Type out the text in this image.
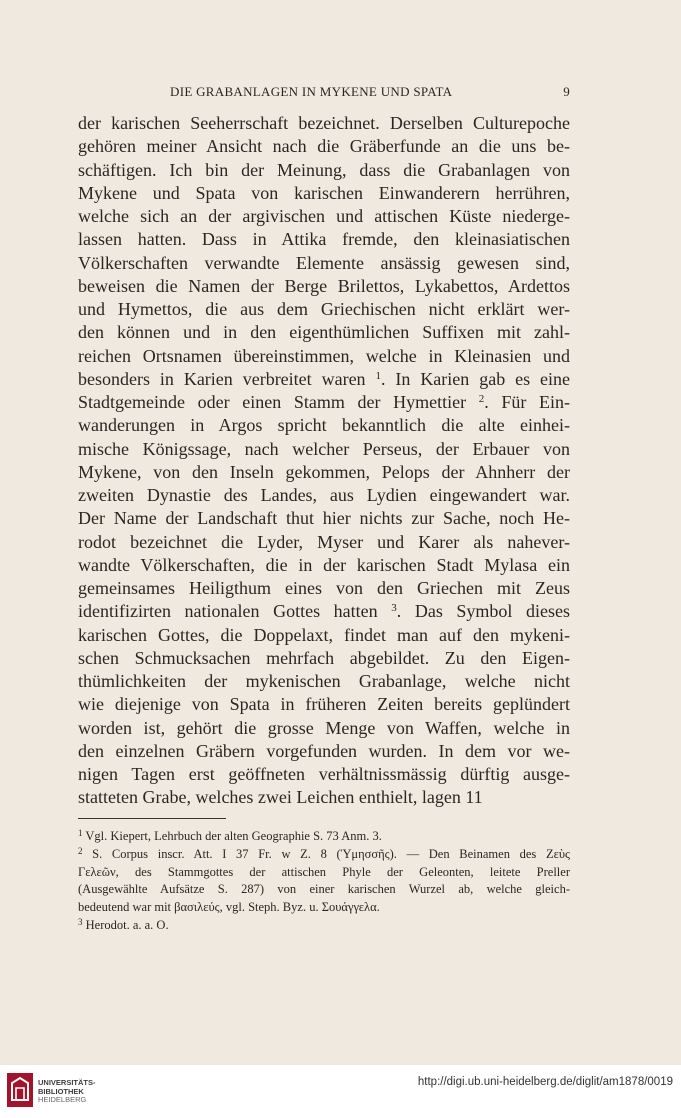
DIE GRABANLAGEN IN MYKENE UND SPATA	9
der karischen Seeherrschaft bezeichnet. Derselben Culturepoche
gehören meiner Ansicht nach die Gräberfunde an die uns be-
schäftigen. Ich bin der Meinung, dass die Grabanlagen von
Mykene und Spata von karischen Einwanderern herrühren,
welche sich an der argivischen und attischen Küste niederge-
lassen hatten. Dass in Attika fremde, den kleinasiatischen
Völkerschaften verwandte Elemente ansässig gewesen sind,
beweisen die Namen der Berge Brilettos, Lykabettos, Ardettos
und Hymettos, die aus dem Griechischen nicht erklärt wer-
den können und in den eigenthümlichen Suffixen mit zahl-
reichen Ortsnamen übereinstimmen, welche in Kleinasien und
besonders in Karien verbreitet waren $^1$. In Karien gab es eine
Stadtgemeinde oder einen Stamm der Hymettier $^2$. Für Ein-
wanderungen in Argos spricht bekanntlich die alte einhei-
mische Königssage, nach welcher Perseus, der Erbauer von
Mykene, von den Inseln gekommen, Pelops der Ahnherr der
zweiten Dynastie des Landes, aus Lydien eingewandert war.
Der Name der Landschaft thut hier nichts zur Sache, noch He-
rodot bezeichnet die Lyder, Myser und Karer als nahever-
wandte Völkerschaften, die in der karischen Stadt Mylasa ein
gemeinsames Heiligthum eines von den Griechen mit Zeus
identifizirten nationalen Gottes hatten $^3$. Das Symbol dieses
karischen Gottes, die Doppelaxt, findet man auf den mykeni-
schen Schmucksachen mehrfach abgebildet. Zu den Eigen-
thümlichkeiten der mykenischen Grabanlage, welche nicht
wie diejenige von Spata in früheren Zeiten bereits geplündert
worden ist, gehört die grosse Menge von Waffen, welche in
den einzelnen Gräbern vorgefunden wurden. In dem vor we-
nigen Tagen erst geöffneten verhältnissmässig dürftig ausge-
statteten Grabe, welches zwei Leichen enthielt, lagen 11
$^1$ Vgl. Kiepert, Lehrbuch der alten Geographie S. 73 Anm. 3.
$^2$ S. Corpus inscr. Att. I 37 Fr. w Z. 8 (Ὑμησσῆς). — Den Beinamen des Ζεὺς
Γελεῶν, des Stammgottes der attischen Phyle der Geleonten, leitete Preller
(Ausgewählte Aufsätze S. 287) von einer karischen Wurzel ab, welche gleich-
bedeutend war mit βασιλεύς, vgl. Steph. Byz. u. Σουάγγελα.
$^3$ Herodot. a. a. O.
UNIVERSITÄTS-
BIBLIOTHEK
HEIDELBERG
http://digi.ub.uni-heidelberg.de/diglit/am1878/0019
